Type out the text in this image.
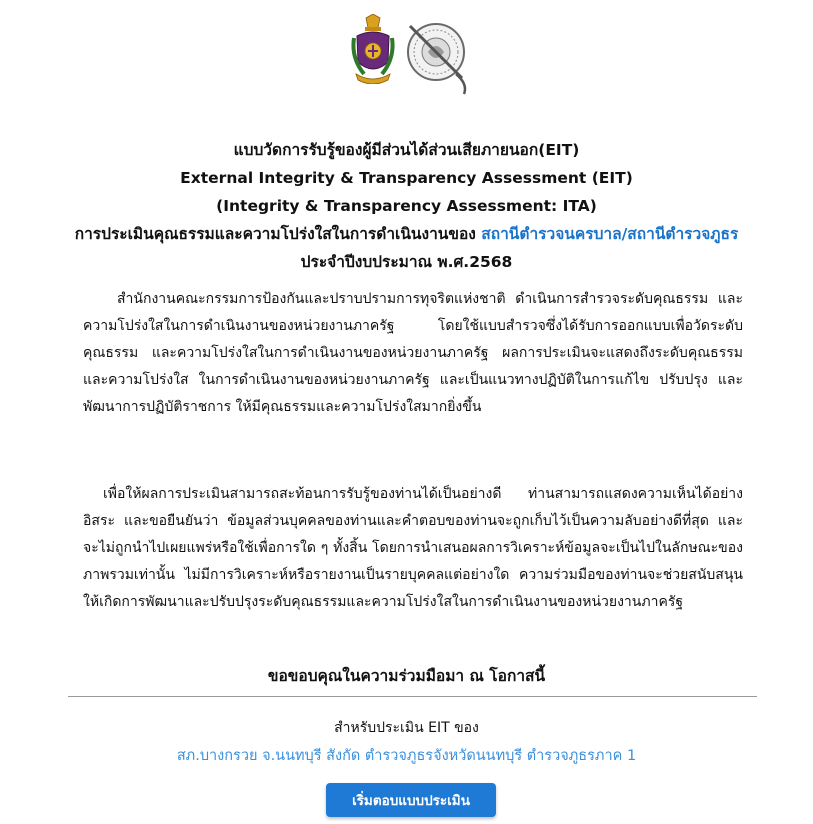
แบบวัดการรับรู้ของผู้มีส่วนได้ส่วนเสียภายนอก(EIT)
External Integrity & Transparency Assessment (EIT)
(Integrity & Transparency Assessment: ITA)
การประเมินคุณธรรมและความโปร่งใสในการดำเนินงานของ สถานีตำรวจนครบาล/สถานีตำรวจภูธรประจำปีงบประมาณ พ.ศ.2568

สำนักงานคณะกรรมการป้องกันและปราบปรามการทุจริตแห่งชาติ ดำเนินการสำรวจระดับคุณธรรม และความโปร่งใสในการดำเนินงานของหน่วยงานภาครัฐ โดยใช้แบบสำรวจซึ่งได้รับการออกแบบเพื่อวัดระดับคุณธรรม และความโปร่งใสในการดำเนินงานของหน่วยงานภาครัฐ ผลการประเมินจะแสดงถึงระดับคุณธรรมและความโปร่งใส ในการดำเนินงานของหน่วยงานภาครัฐ และเป็นแนวทางปฏิบัติในการแก้ไข ปรับปรุง และพัฒนาการปฏิบัติราชการ ให้มีคุณธรรมและความโปร่งใสมากยิ่งขึ้น

เพื่อให้ผลการประเมินสามารถสะท้อนการรับรู้ของท่านได้เป็นอย่างดี ท่านสามารถแสดงความเห็นได้อย่างอิสระ และขอยืนยันว่า ข้อมูลส่วนบุคคลของท่านและคำตอบของท่านจะถูกเก็บไว้เป็นความลับอย่างดีที่สุด และจะไม่ถูกนำไปเผยแพร่หรือใช้เพื่อการใด ๆ ทั้งสิ้น โดยการนำเสนอผลการวิเคราะห์ข้อมูลจะเป็นไปในลักษณะของภาพรวมเท่านั้น ไม่มีการวิเคราะห์หรือรายงานเป็นรายบุคคลแต่อย่างใด ความร่วมมือของท่านจะช่วยสนับสนุนให้เกิดการพัฒนาและปรับปรุงระดับคุณธรรมและความโปร่งใสในการดำเนินงานของหน่วยงานภาครัฐ

ขอขอบคุณในความร่วมมือมา ณ โอกาสนี้
สำหรับประเมิน EIT ของ
สภ.บางกรวย จ.นนทบุรี สังกัด ตำรวจภูธรจังหวัดนนทบุรี ตำรวจภูธรภาค 1
เริ่มตอบแบบประเมิน
